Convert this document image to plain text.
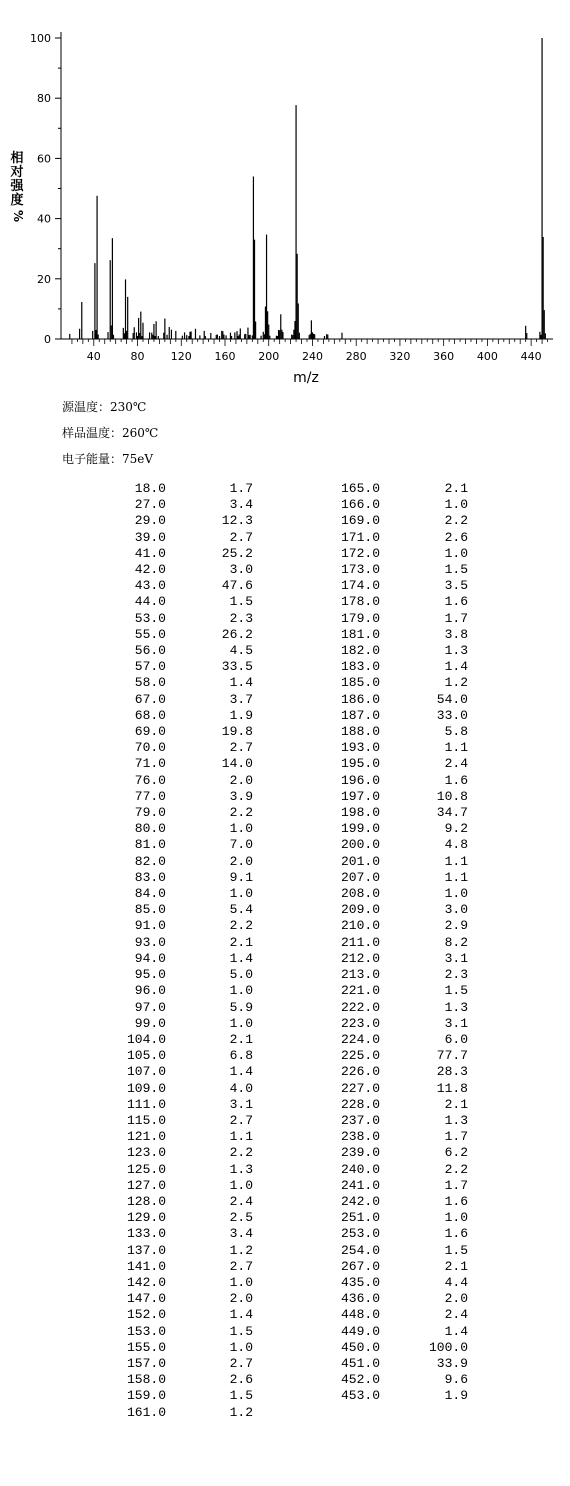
相
对
强
度
%
0
20
40
60
80
100
40	80 120 160 200 240 280 320 360 400 440
m/z
源温度：230℃
样品温度：260℃
电子能量：75eV
18.0	1.7	165.0	2.1
27.0	3.4	166.0	1.0
29.0	12.3	169.0	2.2
39.0	2.7	171.0	2.6
41.0	25.2	172.0	1.0
42.0	3.0	173.0	1.5
43.0	47.6	174.0	3.5
44.0	1.5	178.0	1.6
53.0	2.3	179.0	1.7
55.0	26.2	181.0	3.8
56.0	4.5	182.0	1.3
57.0	33.5	183.0	1.4
58.0	1.4	185.0	1.2
67.0	3.7	186.0	54.0
68.0	1.9	187.0	33.0
69.0	19.8	188.0	5.8
70.0	2.7	193.0	1.1
71.0	14.0	195.0	2.4
76.0	2.0	196.0	1.6
77.0	3.9	197.0	10.8
79.0	2.2	198.0	34.7
80.0	1.0	199.0	9.2
81.0	7.0	200.0	4.8
82.0	2.0	201.0	1.1
83.0	9.1	207.0	1.1
84.0	1.0	208.0	1.0
85.0	5.4	209.0	3.0
91.0	2.2	210.0	2.9
93.0	2.1	211.0	8.2
94.0	1.4	212.0	3.1
95.0	5.0	213.0	2.3
96.0	1.0	221.0	1.5
97.0	5.9	222.0	1.3
99.0	1.0	223.0	3.1
104.0	2.1	224.0	6.0
105.0	6.8	225.0	77.7
107.0	1.4	226.0	28.3
109.0	4.0	227.0	11.8
111.0	3.1	228.0	2.1
115.0	2.7	237.0	1.3
121.0	1.1	238.0	1.7
123.0	2.2	239.0	6.2
125.0	1.3	240.0	2.2
127.0	1.0	241.0	1.7
128.0	2.4	242.0	1.6
129.0	2.5	251.0	1.0
133.0	3.4	253.0	1.6
137.0	1.2	254.0	1.5
141.0	2.7	267.0	2.1
142.0	1.0	435.0	4.4
147.0	2.0	436.0	2.0
152.0	1.4	448.0	2.4
153.0	1.5	449.0	1.4
155.0	1.0	450.0	100.0
157.0	2.7	451.0	33.9
158.0	2.6	452.0	9.6
159.0	1.5	453.0	1.9
161.0	1.2		
